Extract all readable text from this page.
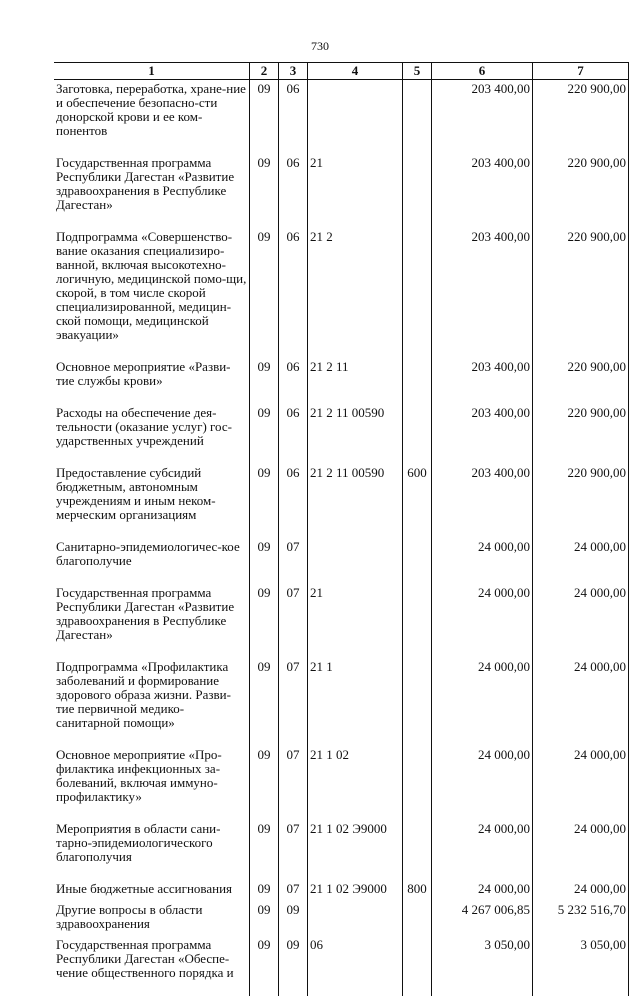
730
1	2	3	4	5	6	7
Заготовка, переработка, хране-ние и обеспечение безопасно-сти донорской крови и ее ком-понентов	09	06			203 400,00	220 900,00
Государственная программа Республики Дагестан «Развитие здравоохранения в Республике Дагестан»	09	06	21		203 400,00	220 900,00
Подпрограмма «Совершенство-вание оказания специализиро-ванной, включая высокотехно-логичную, медицинской помо-щи, скорой, в том числе скорой специализированной, медицин-ской помощи, медицинской эвакуации»	09	06	21 2		203 400,00	220 900,00
Основное мероприятие «Разви-тие службы крови»	09	06	21 2 11		203 400,00	220 900,00
Расходы на обеспечение дея-тельности (оказание услуг) гос-ударственных учреждений	09	06	21 2 11 00590		203 400,00	220 900,00
Предоставление субсидий бюджетным, автономным учреждениям и иным неком-мерческим организациям	09	06	21 2 11 00590	600	203 400,00	220 900,00
Санитарно-эпидемиологичес-кое благополучие	09	07			24 000,00	24 000,00
Государственная программа Республики Дагестан «Развитие здравоохранения в Республике Дагестан»	09	07	21		24 000,00	24 000,00
Подпрограмма «Профилактика заболеваний и формирование здорового образа жизни. Разви-тие первичной медико-санитарной помощи»	09	07	21 1		24 000,00	24 000,00
Основное мероприятие «Про-филактика инфекционных за-болеваний, включая иммуно-профилактику»	09	07	21 1 02		24 000,00	24 000,00
Мероприятия в области сани-тарно-эпидемиологического благополучия	09	07	21 1 02 Э9000		24 000,00	24 000,00
Иные бюджетные ассигнования	09	07	21 1 02 Э9000	800	24 000,00	24 000,00
Другие вопросы в области здравоохранения	09	09			4 267 006,85	5 232 516,70
Государственная программа Республики Дагестан «Обеспе-чение общественного порядка и	09	09	06		3 050,00	3 050,00
